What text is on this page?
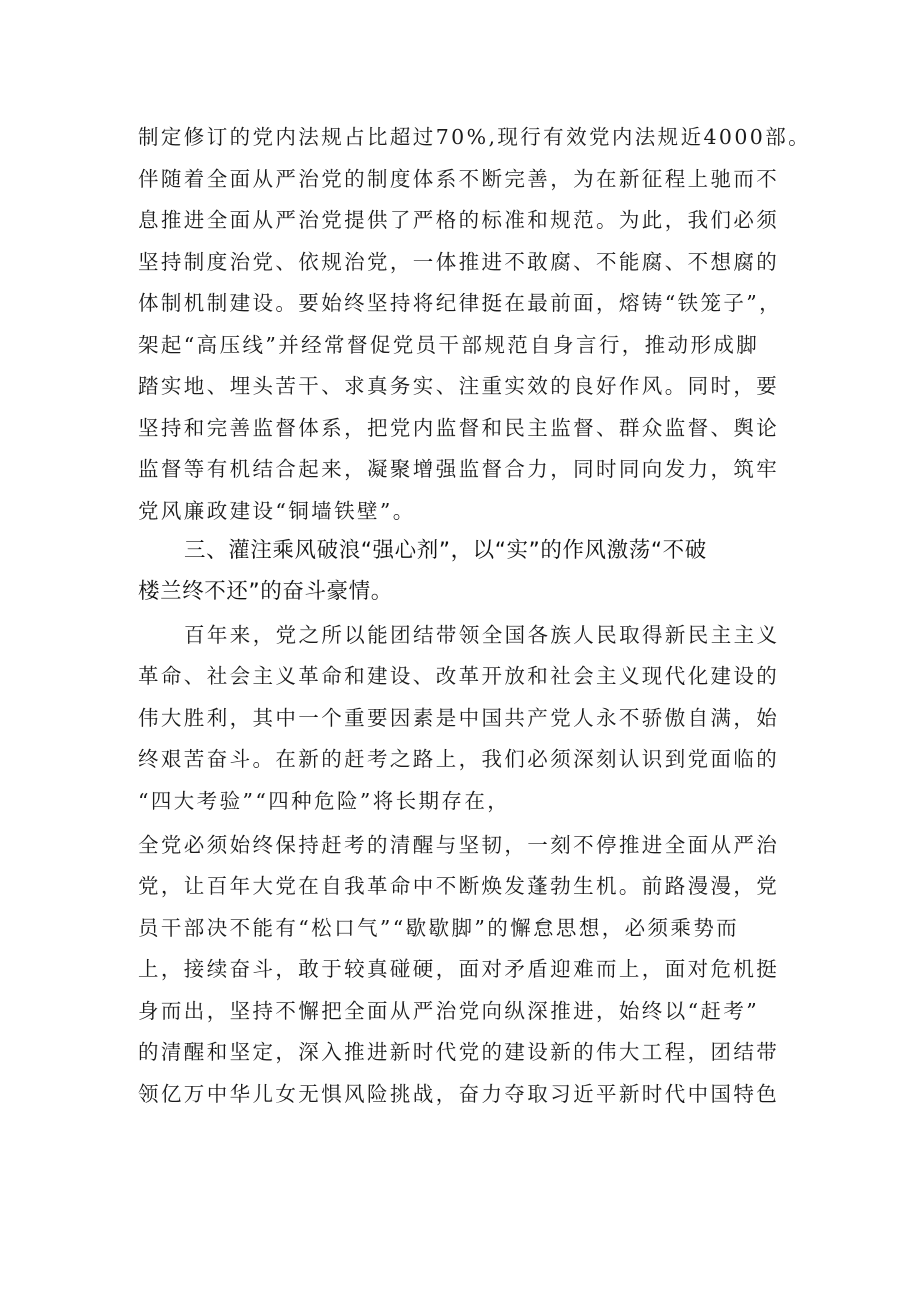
制定修订的党内法规占比超过70%,现行有效党内法规近4000部。
伴随着全面从严治党的制度体系不断完善，为在新征程上驰而不
息推进全面从严治党提供了严格的标准和规范。为此，我们必须
坚持制度治党、依规治党，一体推进不敢腐、不能腐、不想腐的
体制机制建设。要始终坚持将纪律挺在最前面，熔铸“铁笼子”，
架起“高压线”并经常督促党员干部规范自身言行，推动形成脚
踏实地、埋头苦干、求真务实、注重实效的良好作风。同时，要
坚持和完善监督体系，把党内监督和民主监督、群众监督、舆论
监督等有机结合起来，凝聚增强监督合力，同时同向发力，筑牢
党风廉政建设“铜墙铁壁”。
三、灌注乘风破浪“强心剂”，以“实”的作风激荡“不破
楼兰终不还”的奋斗豪情。
百年来，党之所以能团结带领全国各族人民取得新民主主义
革命、社会主义革命和建设、改革开放和社会主义现代化建设的
伟大胜利，其中一个重要因素是中国共产党人永不骄傲自满，始
终艰苦奋斗。在新的赶考之路上，我们必须深刻认识到党面临的
“四大考验”“四种危险”将长期存在，
全党必须始终保持赶考的清醒与坚韧，一刻不停推进全面从严治
党，让百年大党在自我革命中不断焕发蓬勃生机。前路漫漫，党
员干部决不能有“松口气”“歇歇脚”的懈怠思想，必须乘势而
上，接续奋斗，敢于较真碰硬，面对矛盾迎难而上，面对危机挺
身而出，坚持不懈把全面从严治党向纵深推进，始终以“赶考”
的清醒和坚定，深入推进新时代党的建设新的伟大工程，团结带
领亿万中华儿女无惧风险挑战，奋力夺取习近平新时代中国特色
